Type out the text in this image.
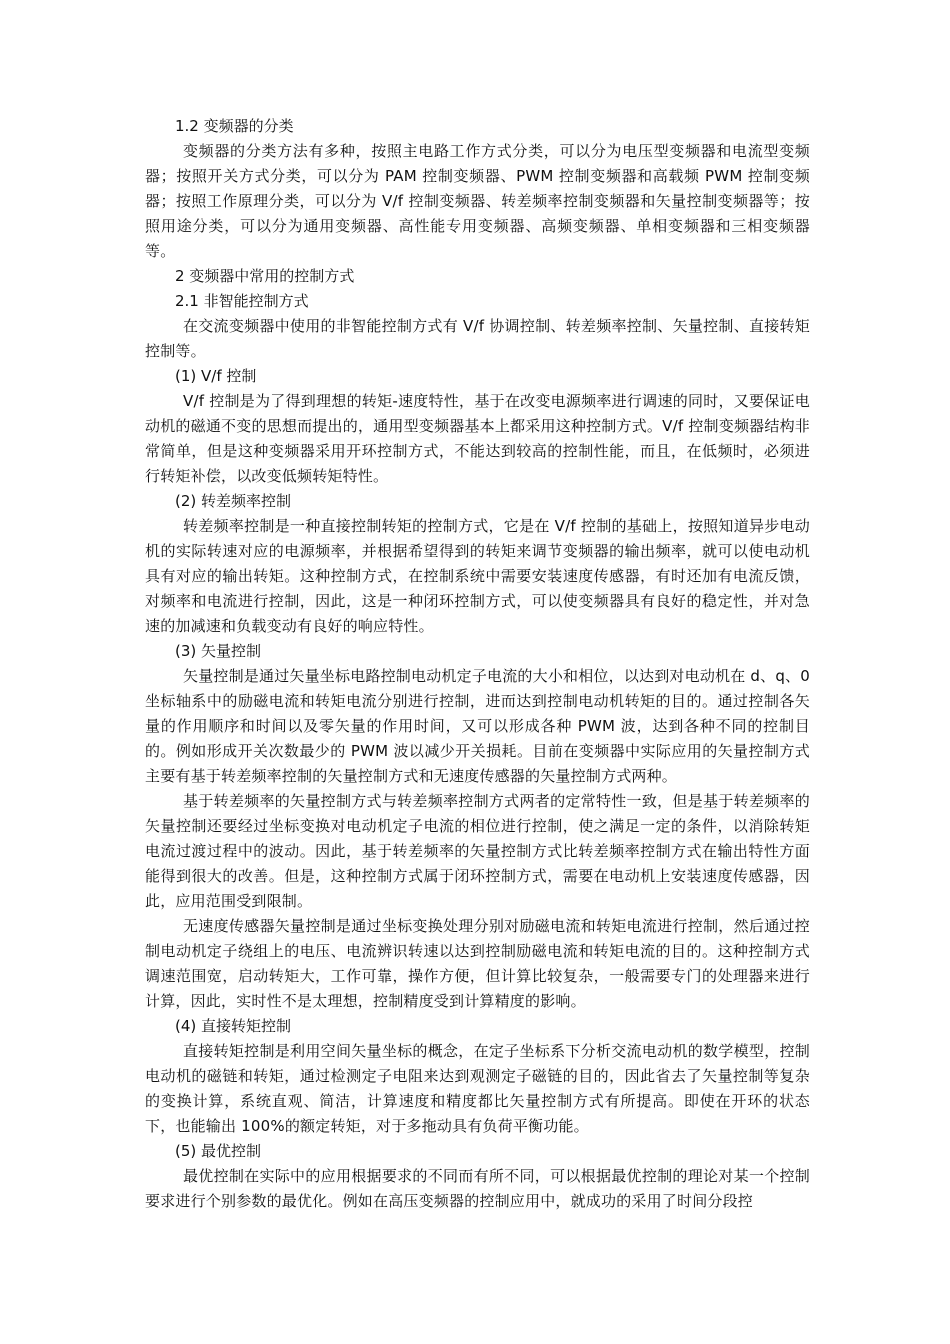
1.2 变频器的分类

变频器的分类方法有多种，按照主电路工作方式分类，可以分为电压型变频器和电流型变频器；按照开关方式分类，可以分为 PAM 控制变频器、PWM 控制变频器和高载频 PWM 控制变频器；按照工作原理分类，可以分为 V/f 控制变频器、转差频率控制变频器和矢量控制变频器等；按照用途分类，可以分为通用变频器、高性能专用变频器、高频变频器、单相变频器和三相变频器等。

2 变频器中常用的控制方式

2.1 非智能控制方式

在交流变频器中使用的非智能控制方式有 V/f 协调控制、转差频率控制、矢量控制、直接转矩控制等。

(1) V/f 控制

V/f 控制是为了得到理想的转矩-速度特性，基于在改变电源频率进行调速的同时，又要保证电动机的磁通不变的思想而提出的，通用型变频器基本上都采用这种控制方式。V/f 控制变频器结构非常简单，但是这种变频器采用开环控制方式，不能达到较高的控制性能，而且，在低频时，必须进行转矩补偿，以改变低频转矩特性。

(2) 转差频率控制

转差频率控制是一种直接控制转矩的控制方式，它是在 V/f 控制的基础上，按照知道异步电动机的实际转速对应的电源频率，并根据希望得到的转矩来调节变频器的输出频率，就可以使电动机具有对应的输出转矩。这种控制方式，在控制系统中需要安装速度传感器，有时还加有电流反馈，对频率和电流进行控制，因此，这是一种闭环控制方式，可以使变频器具有良好的稳定性，并对急速的加减速和负载变动有良好的响应特性。

(3) 矢量控制

矢量控制是通过矢量坐标电路控制电动机定子电流的大小和相位，以达到对电动机在 d、q、0 坐标轴系中的励磁电流和转矩电流分别进行控制，进而达到控制电动机转矩的目的。通过控制各矢量的作用顺序和时间以及零矢量的作用时间，又可以形成各种 PWM 波，达到各种不同的控制目的。例如形成开关次数最少的 PWM 波以减少开关损耗。目前在变频器中实际应用的矢量控制方式主要有基于转差频率控制的矢量控制方式和无速度传感器的矢量控制方式两种。

基于转差频率的矢量控制方式与转差频率控制方式两者的定常特性一致，但是基于转差频率的矢量控制还要经过坐标变换对电动机定子电流的相位进行控制，使之满足一定的条件，以消除转矩电流过渡过程中的波动。因此，基于转差频率的矢量控制方式比转差频率控制方式在输出特性方面能得到很大的改善。但是，这种控制方式属于闭环控制方式，需要在电动机上安装速度传感器，因此，应用范围受到限制。

无速度传感器矢量控制是通过坐标变换处理分别对励磁电流和转矩电流进行控制，然后通过控制电动机定子绕组上的电压、电流辨识转速以达到控制励磁电流和转矩电流的目的。这种控制方式调速范围宽，启动转矩大，工作可靠，操作方便，但计算比较复杂，一般需要专门的处理器来进行计算，因此，实时性不是太理想，控制精度受到计算精度的影响。

(4) 直接转矩控制

直接转矩控制是利用空间矢量坐标的概念，在定子坐标系下分析交流电动机的数学模型，控制电动机的磁链和转矩，通过检测定子电阻来达到观测定子磁链的目的，因此省去了矢量控制等复杂的变换计算，系统直观、简洁，计算速度和精度都比矢量控制方式有所提高。即使在开环的状态下，也能输出 100%的额定转矩，对于多拖动具有负荷平衡功能。

(5) 最优控制

最优控制在实际中的应用根据要求的不同而有所不同，可以根据最优控制的理论对某一个控制要求进行个别参数的最优化。例如在高压变频器的控制应用中，就成功的采用了时间分段控
